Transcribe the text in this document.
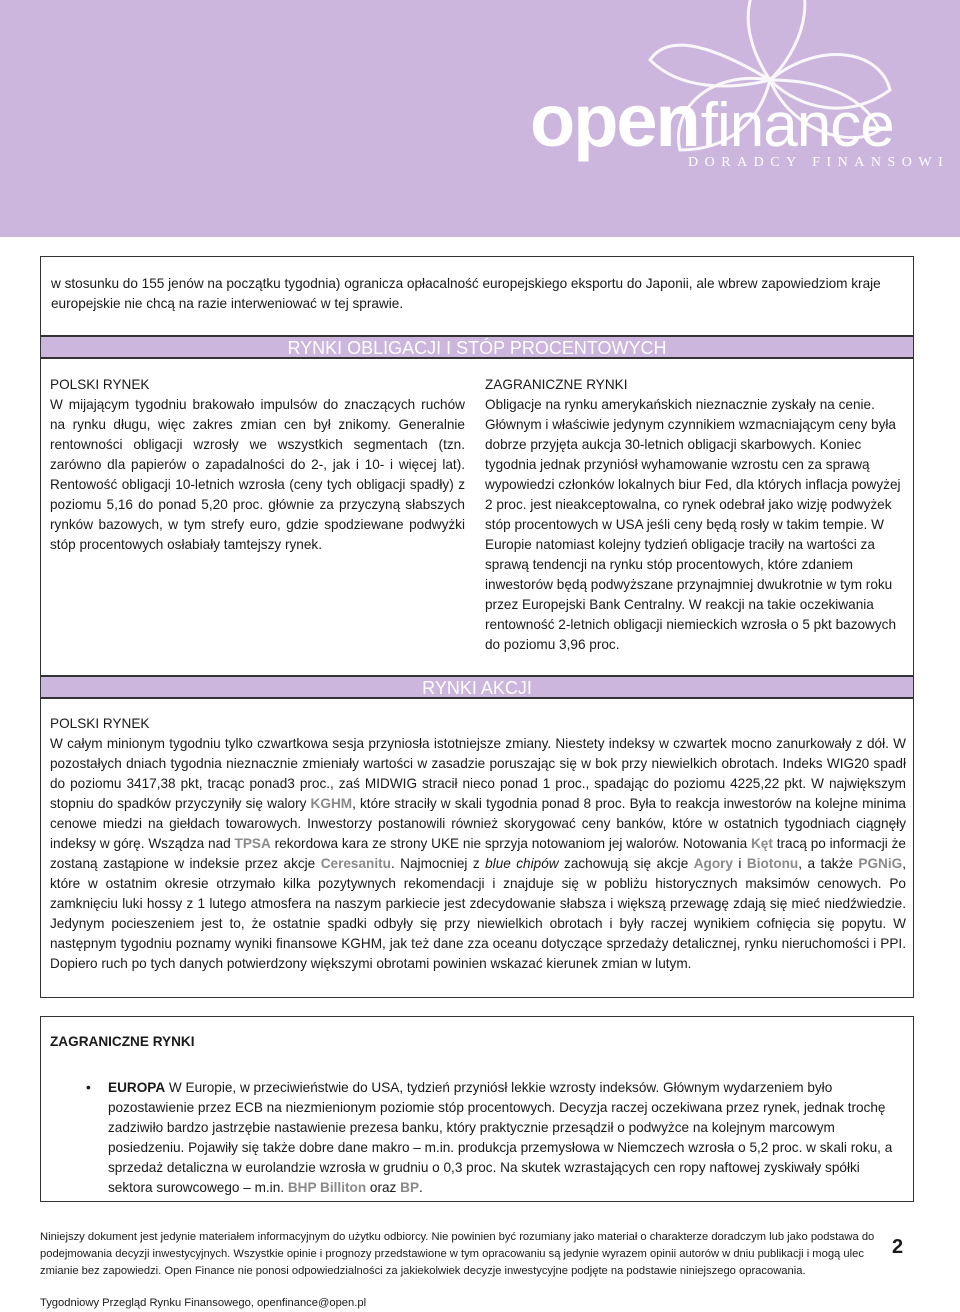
openfinance
DORADCY FINANSOWI

w stosunku do 155 jenów na początku tygodnia) ogranicza opłacalność europejskiego eksportu do Japonii, ale wbrew zapowiedziom kraje europejskie nie chcą na razie interweniować w tej sprawie.

RYNKI OBLIGACJI I STÓP PROCENTOWYCH

POLSKI RYNEK

W mijającym tygodniu brakowało impulsów do znaczących ruchów na rynku długu, więc zakres zmian cen był znikomy. Generalnie rentowności obligacji wzrosły we wszystkich segmentach (tzn. zarówno dla papierów o zapadalności do 2-, jak i 10- i więcej lat). Rentowość obligacji 10-letnich wzrosła (ceny tych obligacji spadły) z poziomu 5,16 do ponad 5,20 proc. głównie za przyczyną słabszych rynków bazowych, w tym strefy euro, gdzie spodziewane podwyżki stóp procentowych osłabiały tamtejszy rynek.

ZAGRANICZNE RYNKI

Obligacje na rynku amerykańskich nieznacznie zyskały na cenie. Głównym i właściwie jedynym czynnikiem wzmacniającym ceny była dobrze przyjęta aukcja 30-letnich obligacji skarbowych. Koniec tygodnia jednak przyniósł wyhamowanie wzrostu cen za sprawą wypowiedzi członków lokalnych biur Fed, dla których inflacja powyżej 2 proc. jest nieakceptowalna, co rynek odebrał jako wizję podwyżek stóp procentowych w USA jeśli ceny będą rosły w takim tempie. W Europie natomiast kolejny tydzień obligacje traciły na wartości za sprawą tendencji na rynku stóp procentowych, które zdaniem inwestorów będą podwyższane przynajmniej dwukrotnie w tym roku przez Europejski Bank Centralny. W reakcji na takie oczekiwania rentowność 2-letnich obligacji niemieckich wzrosła o 5 pkt bazowych do poziomu 3,96 proc.

RYNKI AKCJI

POLSKI RYNEK

W całym minionym tygodniu tylko czwartkowa sesja przyniosła istotniejsze zmiany. Niestety indeksy w czwartek mocno zanurkowały z dół. W pozostałych dniach tygodnia nieznacznie zmieniały wartości w zasadzie poruszając się w bok przy niewielkich obrotach. Indeks WIG20 spadł do poziomu 3417,38 pkt, tracąc ponad3 proc., zaś MIDWIG stracił nieco ponad 1 proc., spadając do poziomu 4225,22 pkt. W największym stopniu do spadków przyczyniły się walory KGHM, które straciły w skali tygodnia ponad 8 proc. Była to reakcja inwestorów na kolejne minima cenowe miedzi na giełdach towarowych. Inwestorzy postanowili również skorygować ceny banków, które w ostatnich tygodniach ciągnęły indeksy w górę. Wsządza nad TPSA rekordowa kara ze strony UKE nie sprzyja notowaniom jej walorów. Notowania Kęt tracą po informacji że zostaną zastąpione w indeksie przez akcje Ceresanitu. Najmocniej z blue chipów zachowują się akcje Agory i Biotonu, a także PGNiG, które w ostatnim okresie otrzymało kilka pozytywnych rekomendacji i znajduje się w pobliżu historycznych maksimów cenowych. Po zamknięciu luki hossy z 1 lutego atmosfera na naszym parkiecie jest zdecydowanie słabsza i większą przewagę zdają się mieć niedźwiedzie. Jedynym pocieszeniem jest to, że ostatnie spadki odbyły się przy niewielkich obrotach i były raczej wynikiem cofnięcia się popytu. W następnym tygodniu poznamy wyniki finansowe KGHM, jak też dane zza oceanu dotyczące sprzedaży detalicznej, rynku nieruchomości i PPI. Dopiero ruch po tych danych potwierdzony większymi obrotami powinien wskazać kierunek zmian w lutym.

ZAGRANICZNE RYNKI

• EUROPA W Europie, w przeciwieństwie do USA, tydzień przyniósł lekkie wzrosty indeksów. Głównym wydarzeniem było pozostawienie przez ECB na niezmienionym poziomie stóp procentowych. Decyzja raczej oczekiwana przez rynek, jednak trochę zadziwiło bardzo jastrzębie nastawienie prezesa banku, który praktycznie przesądził o podwyżce na kolejnym marcowym posiedzeniu. Pojawiły się także dobre dane makro – m.in. produkcja przemysłowa w Niemczech wzrosła o 5,2 proc. w skali roku, a sprzedaż detaliczna w eurolandzie wzrosła w grudniu o 0,3 proc. Na skutek wzrastających cen ropy naftowej zyskiwały spółki sektora surowcowego – m.in. BHP Billiton oraz BP.
Niniejszy dokument jest jedynie materiałem informacyjnym do użytku odbiorcy. Nie powinien być rozumiany jako materiał o charakterze doradczym lub jako podstawa do podejmowania decyzji inwestycyjnych. Wszystkie opinie i prognozy przedstawione w tym opracowaniu są jedynie wyrazem opinii autorów w dniu publikacji i mogą ulec zmianie bez zapowiedzi. Open Finance nie ponosi odpowiedzialności za jakiekolwiek decyzje inwestycyjne podjęte na podstawie niniejszego opracowania.
2
Tygodniowy Przegląd Rynku Finansowego, openfinance@open.pl
